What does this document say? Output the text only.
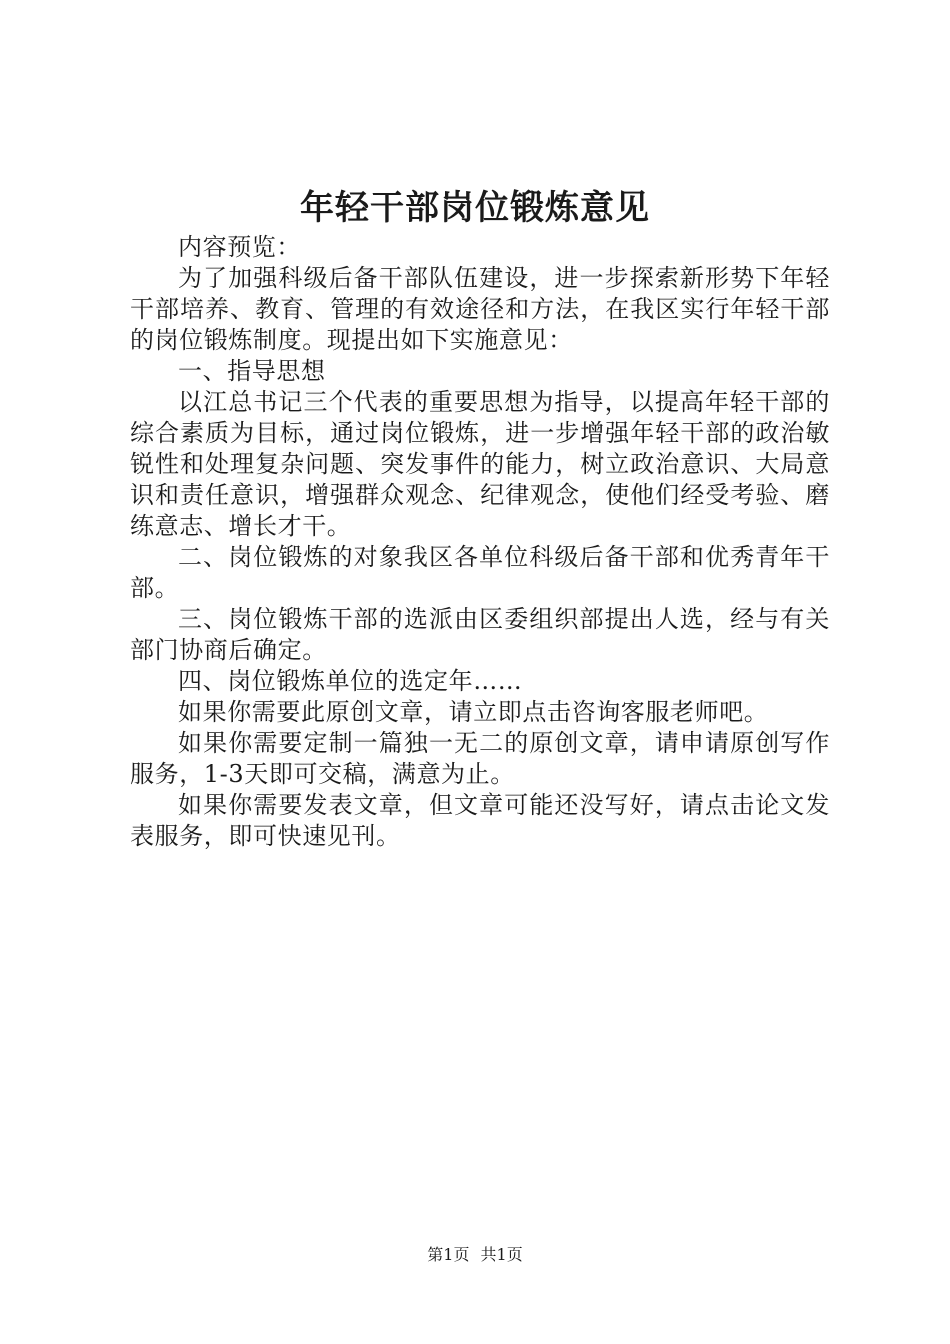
年轻干部岗位锻炼意见

内容预览：

为了加强科级后备干部队伍建设，进一步探索新形势下年轻干部培养、教育、管理的有效途径和方法，在我区实行年轻干部的岗位锻炼制度。现提出如下实施意见：

一、指导思想

以江总书记三个代表的重要思想为指导，以提高年轻干部的综合素质为目标，通过岗位锻炼，进一步增强年轻干部的政治敏锐性和处理复杂问题、突发事件的能力，树立政治意识、大局意识和责任意识，增强群众观念、纪律观念，使他们经受考验、磨练意志、增长才干。

二、岗位锻炼的对象我区各单位科级后备干部和优秀青年干部。

三、岗位锻炼干部的选派由区委组织部提出人选，经与有关部门协商后确定。

四、岗位锻炼单位的选定年……

如果你需要此原创文章，请立即点击咨询客服老师吧。

如果你需要定制一篇独一无二的原创文章，请申请原创写作服务，1-3天即可交稿，满意为止。

如果你需要发表文章，但文章可能还没写好，请点击论文发表服务，即可快速见刊。

第1页 共1页
